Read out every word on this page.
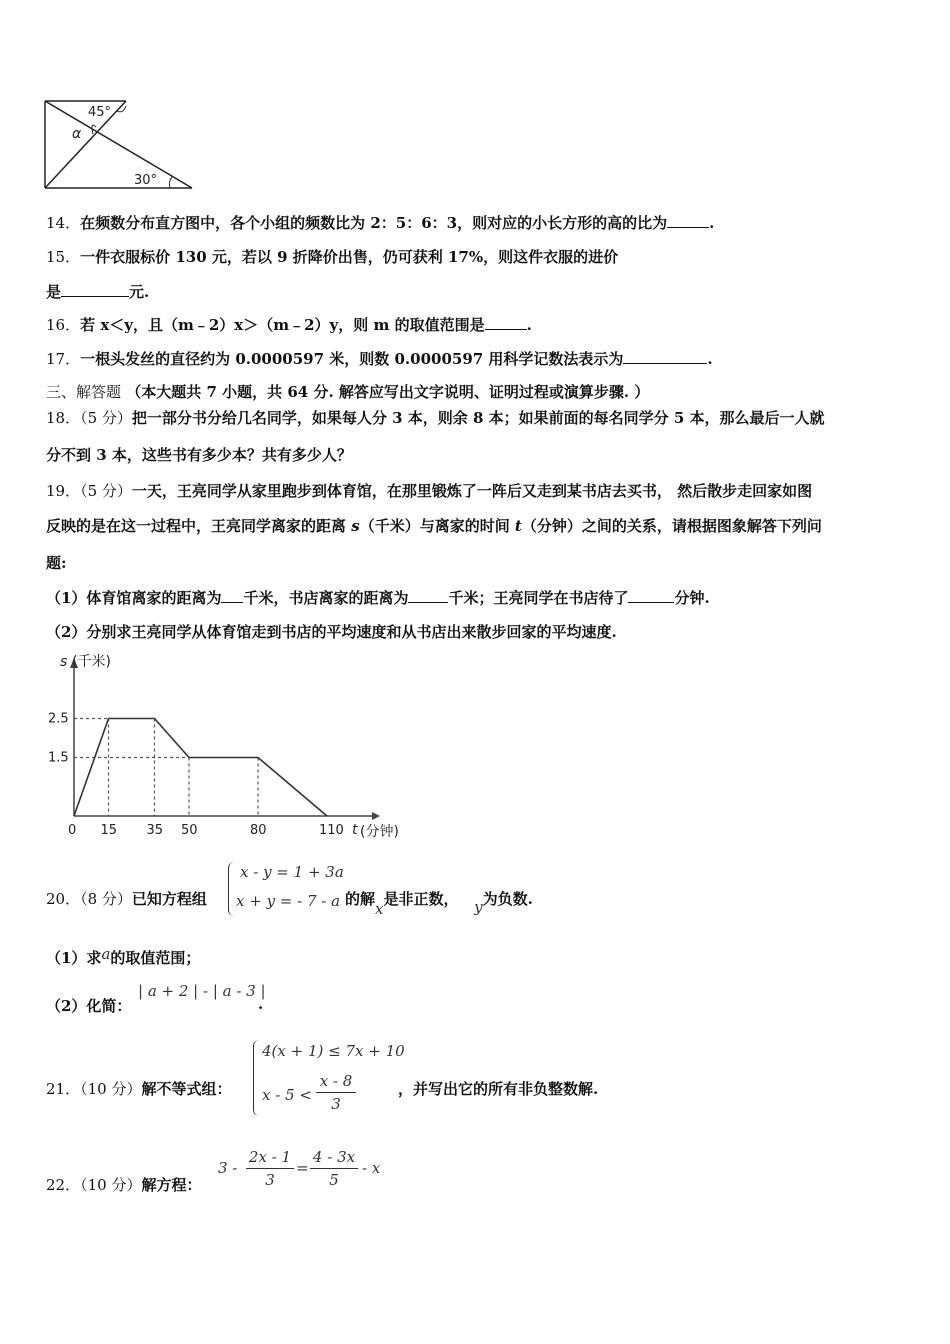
45°
α
30°
14．在频数分布直方图中，各个小组的频数比为 2：5：6：3，则对应的小长方形的高的比为	.
15．一件衣服标价 130 元，若以 9 折降价出售，仍可获利 17%，则这件衣服的进价
是	元.
16．若 x＜y，且（m﹣2）x＞（m﹣2）y，则 m 的取值范围是	.
17．一根头发丝的直径约为 0.0000597 米，则数 0.0000597 用科学记数法表示为	.
三、解答题 （本大题共 7 小题，共 64 分. 解答应写出文字说明、证明过程或演算步骤. ）
18．（5 分）把一部分书分给几名同学，如果每人分 3 本，则余 8 本；如果前面的每名同学分 5 本，那么最后一人就
分不到 3 本，这些书有多少本？共有多少人？
19．（5 分）一天，王亮同学从家里跑步到体育馆，在那里锻炼了一阵后又走到某书店去买书， 然后散步走回家如图
反映的是在这一过程中，王亮同学离家的距离 s（千米）与离家的时间 t（分钟）之间的关系，请根据图象解答下列问
题:
（1）体育馆离家的距离为 千米，书店离家的距离为	千米；王亮同学在书店待了	分钟.
（2）分别求王亮同学从体育馆走到书店的平均速度和从书店出来散步回家的平均速度.
0 15 35 50	80	110
2.5
1.5
s (千米)
t (分钟)
20．（8 分）已知方程组
x - y = 1 + 3a
x + y = - 7 - a 的解x是非正数， y为负数.
（1）求a的取值范围；
（2）化简：
| a + 2 | - | a - 3 |
.
21．（10 分）解不等式组：
4(x + 1) ≤ 7x + 10
$x - 5 < \frac{x - 8}{3}$	，并写出它的所有非负整数解.
22．（10 分）解方程：
$3 - \frac{2x - 1}{3} = \frac{4 - 3x}{5} - x$
